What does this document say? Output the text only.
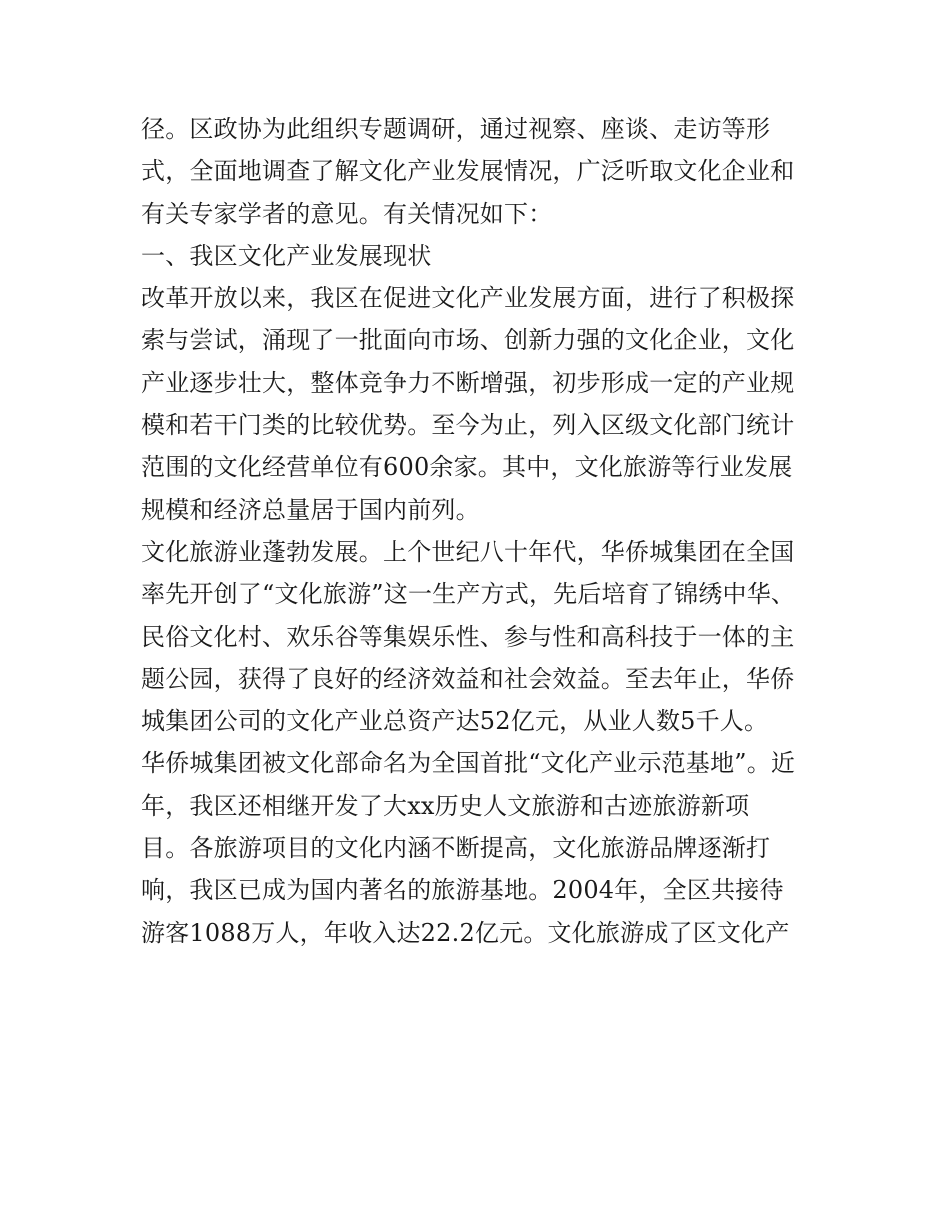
径。区政协为此组织专题调研，通过视察、座谈、走访等形
式，全面地调查了解文化产业发展情况，广泛听取文化企业和
有关专家学者的意见。有关情况如下：
一、我区文化产业发展现状
改革开放以来，我区在促进文化产业发展方面，进行了积极探
索与尝试，涌现了一批面向市场、创新力强的文化企业，文化
产业逐步壮大，整体竞争力不断增强，初步形成一定的产业规
模和若干门类的比较优势。至今为止，列入区级文化部门统计
范围的文化经营单位有600余家。其中，文化旅游等行业发展
规模和经济总量居于国内前列。
文化旅游业蓬勃发展。上个世纪八十年代，华侨城集团在全国
率先开创了“文化旅游”这一生产方式，先后培育了锦绣中华、
民俗文化村、欢乐谷等集娱乐性、参与性和高科技于一体的主
题公园，获得了良好的经济效益和社会效益。至去年止，华侨
城集团公司的文化产业总资产达52亿元，从业人数5千人。
华侨城集团被文化部命名为全国首批“文化产业示范基地”。近
年，我区还相继开发了大xx历史人文旅游和古迹旅游新项
目。各旅游项目的文化内涵不断提高，文化旅游品牌逐渐打
响，我区已成为国内著名的旅游基地。2004年，全区共接待
游客1088万人，年收入达22.2亿元。文化旅游成了区文化产
